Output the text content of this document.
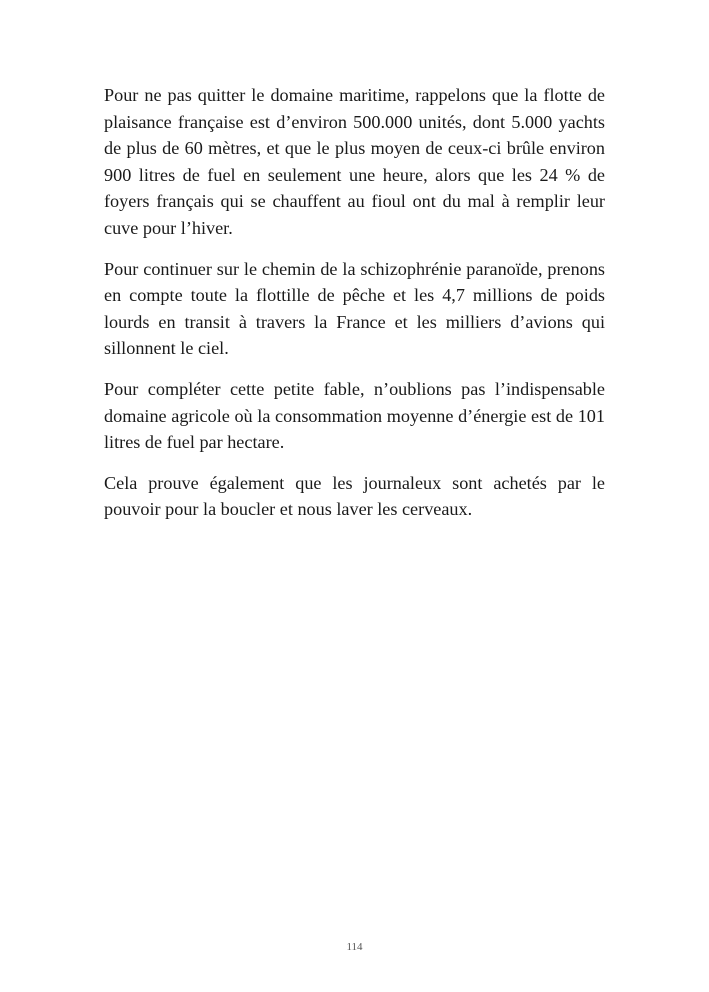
Pour ne pas quitter le domaine maritime, rappelons que la flotte de plaisance française est d’environ 500.000 unités, dont 5.000 yachts de plus de 60 mètres, et que le plus moyen de ceux-ci brûle environ 900 litres de fuel en seulement une heure, alors que les 24 % de foyers français qui se chauffent au fioul ont du mal à remplir leur cuve pour l’hiver.

Pour continuer sur le chemin de la schizophrénie paranoïde, prenons en compte toute la flottille de pêche et les 4,7 millions de poids lourds en transit à travers la France et les milliers d’avions qui sillonnent le ciel.

Pour compléter cette petite fable, n’oublions pas l’indispensable domaine agricole où la consommation moyenne d’énergie est de 101 litres de fuel par hectare.

Cela prouve également que les journaleux sont achetés par le pouvoir pour la boucler et nous laver les cerveaux.

114
